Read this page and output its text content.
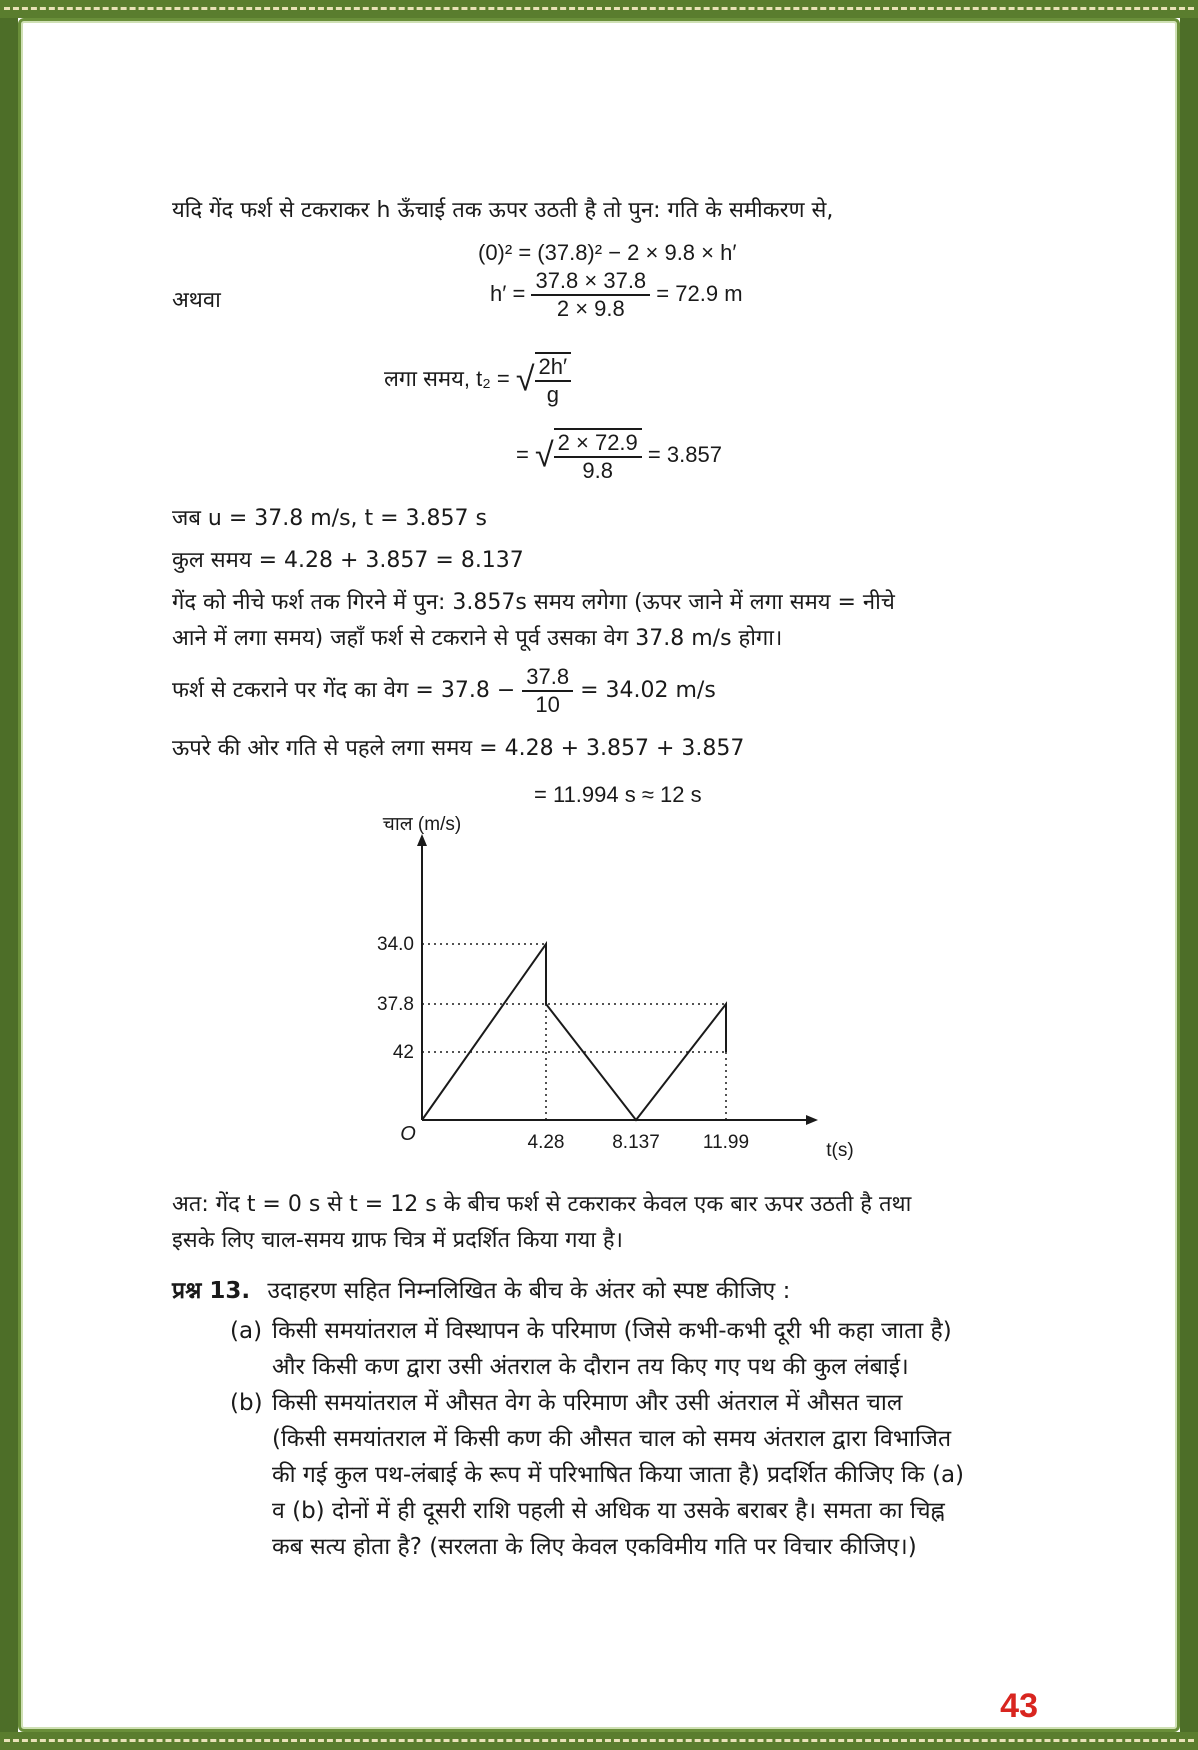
यदि गेंद फर्श से टकराकर h ऊँचाई तक ऊपर उठती है तो पुन: गति के समीकरण से,
(0)² = (37.8)² − 2 × 9.8 × h′
अथवा	$h' = \frac{37.8 \times 37.8}{2 \times 9.8} = 72.9$ m
लगा समय, t₂ = √ $\frac{2h'}{g}$
= √ $\frac{2 \times 72.9}{9.8} = 3.857$
जब u = 37.8 m/s, t = 3.857 s
कुल समय = 4.28 + 3.857 = 8.137
गेंद को नीचे फर्श तक गिरने में पुन: 3.857s समय लगेगा (ऊपर जाने में लगा समय = नीचे
आने में लगा समय) जहाँ फर्श से टकराने से पूर्व उसका वेग 37.8 m/s होगा।
फर्श से टकराने पर गेंद का वेग = $37.8 - \frac{37.8}{10} = 34.02$ m/s
ऊपरे की ओर गति से पहले लगा समय = 4.28 + 3.857 + 3.857
= 11.994 s ≈ 12 s
34.0
37.8
42
4.28	8.137 11.99
O
t(s)
चाल (m/s)
अत: गेंद t = 0 s से t = 12 s के बीच फर्श से टकराकर केवल एक बार ऊपर उठती है तथा
इसके लिए चाल-समय ग्राफ चित्र में प्रदर्शित किया गया है।
प्रश्न 13. उदाहरण सहित निम्नलिखित के बीच के अंतर को स्पष्ट कीजिए :
(a) किसी समयांतराल में विस्थापन के परिमाण (जिसे कभी-कभी दूरी भी कहा जाता है)
और किसी कण द्वारा उसी अंतराल के दौरान तय किए गए पथ की कुल लंबाई।
(b) किसी समयांतराल में औसत वेग के परिमाण और उसी अंतराल में औसत चाल
(किसी समयांतराल में किसी कण की औसत चाल को समय अंतराल द्वारा विभाजित
की गई कुल पथ-लंबाई के रूप में परिभाषित किया जाता है) प्रदर्शित कीजिए कि (a)
व (b) दोनों में ही दूसरी राशि पहली से अधिक या उसके बराबर है। समता का चिह्न
कब सत्य होता है? (सरलता के लिए केवल एकविमीय गति पर विचार कीजिए।)
43
